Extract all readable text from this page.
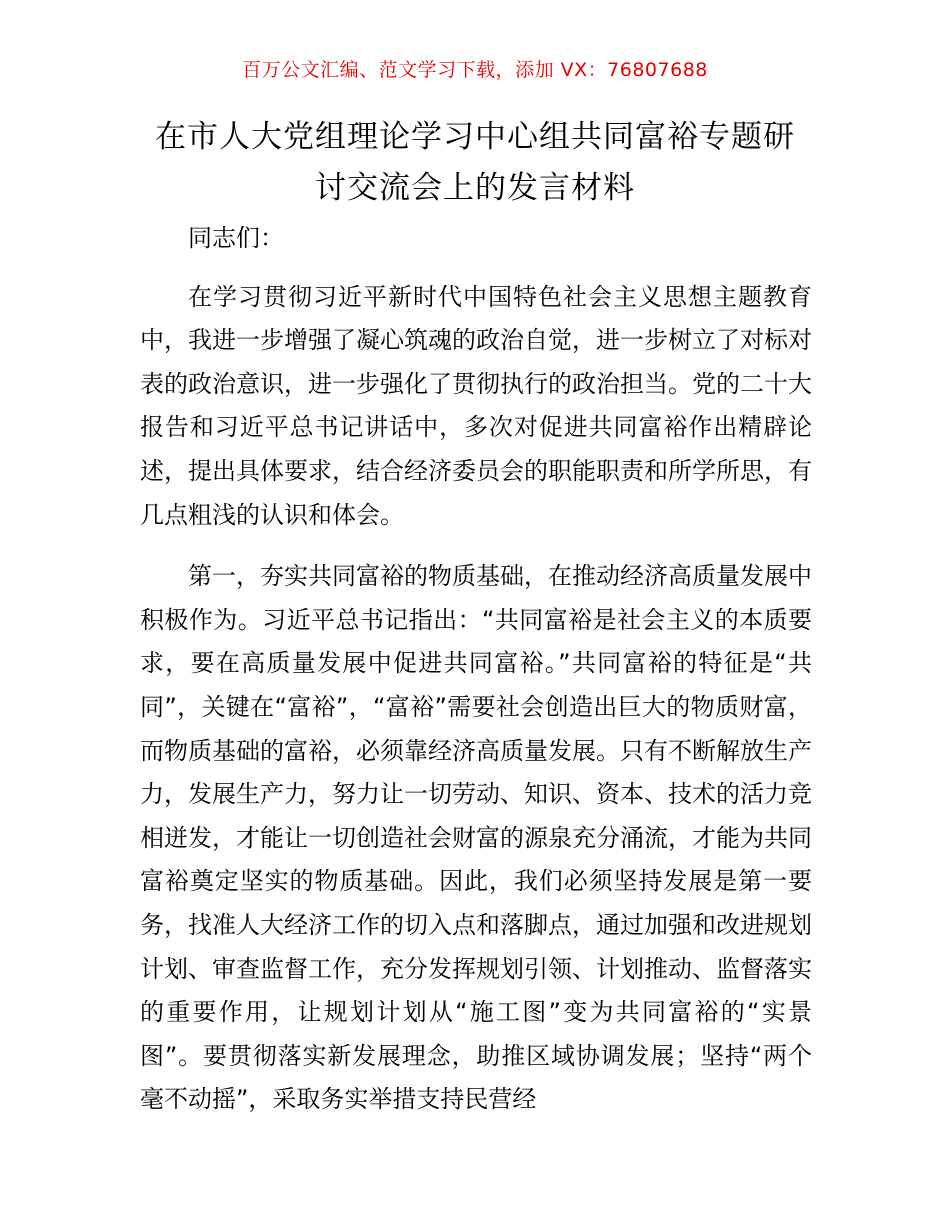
百万公文汇编、范文学习下载，添加 VX：76807688
在市人大党组理论学习中心组共同富裕专题研讨交流会上的发言材料

同志们：

在学习贯彻习近平新时代中国特色社会主义思想主题教育中，我进一步增强了凝心筑魂的政治自觉，进一步树立了对标对表的政治意识，进一步强化了贯彻执行的政治担当。党的二十大报告和习近平总书记讲话中，多次对促进共同富裕作出精辟论述，提出具体要求，结合经济委员会的职能职责和所学所思，有几点粗浅的认识和体会。

第一，夯实共同富裕的物质基础，在推动经济高质量发展中积极作为。习近平总书记指出：“共同富裕是社会主义的本质要求，要在高质量发展中促进共同富裕。”共同富裕的特征是“共同”，关键在“富裕”，“富裕”需要社会创造出巨大的物质财富，而物质基础的富裕，必须靠经济高质量发展。只有不断解放生产力，发展生产力，努力让一切劳动、知识、资本、技术的活力竞相迸发，才能让一切创造社会财富的源泉充分涌流，才能为共同富裕奠定坚实的物质基础。因此，我们必须坚持发展是第一要务，找准人大经济工作的切入点和落脚点，通过加强和改进规划计划、审查监督工作，充分发挥规划引领、计划推动、监督落实的重要作用，让规划计划从“施工图”变为共同富裕的“实景图”。要贯彻落实新发展理念，助推区域协调发展；坚持“两个毫不动摇”，采取务实举措支持民营经
